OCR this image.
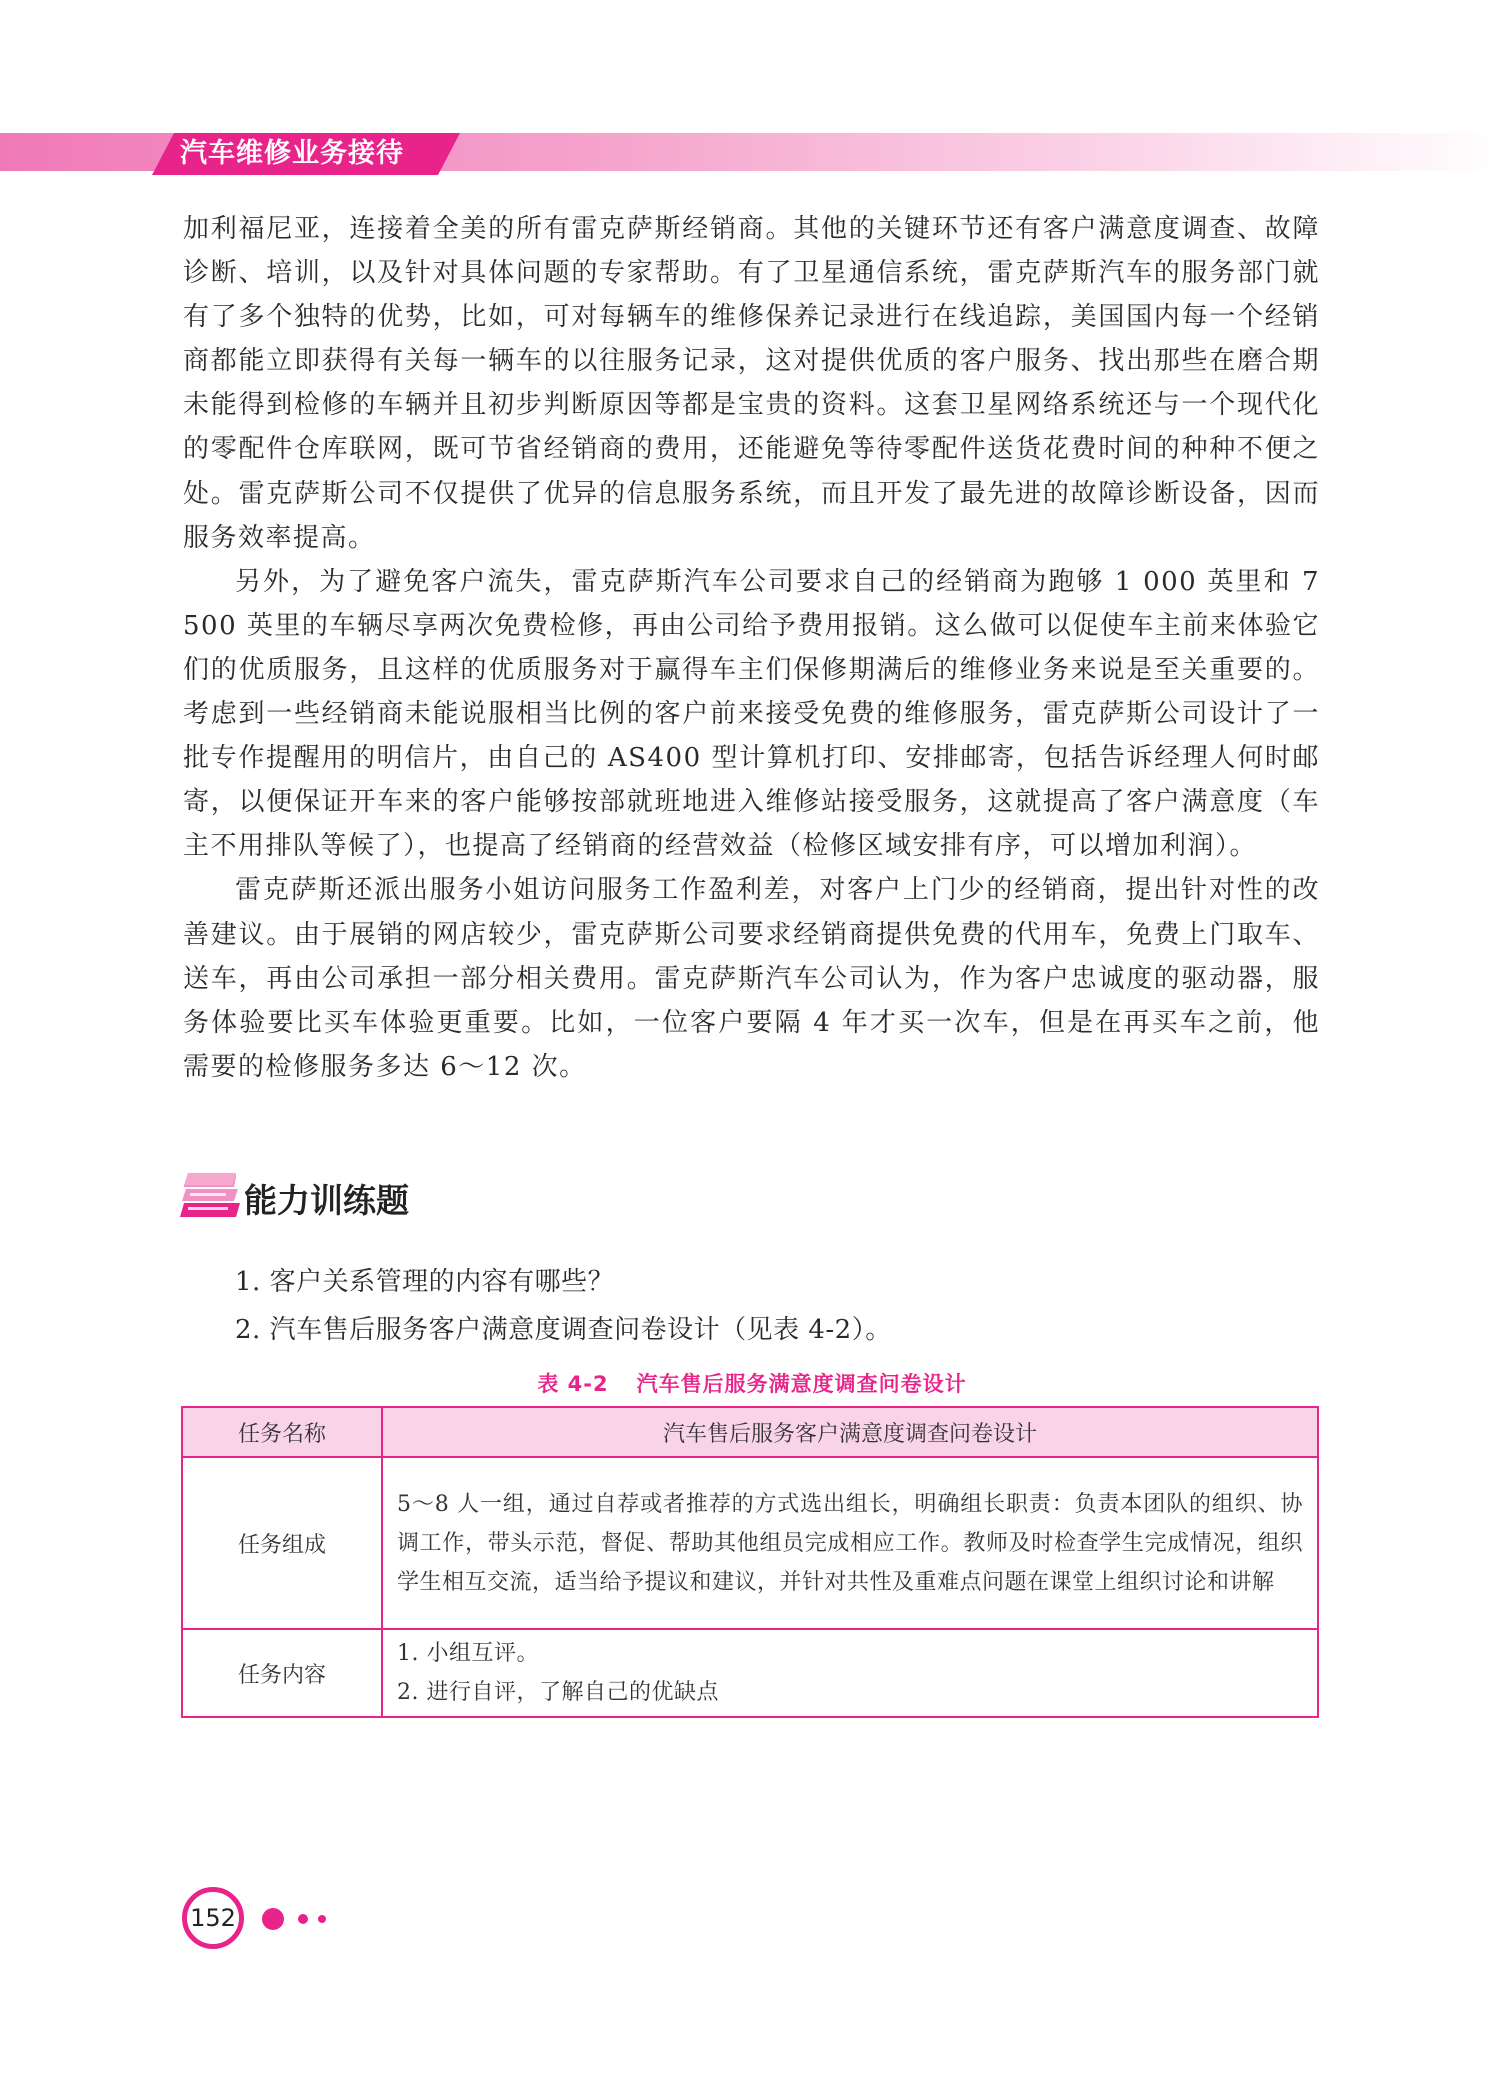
汽车维修业务接待

加利福尼亚，连接着全美的所有雷克萨斯经销商。其他的关键环节还有客户满意度调查、故障诊断、培训，以及针对具体问题的专家帮助。有了卫星通信系统，雷克萨斯汽车的服务部门就有了多个独特的优势，比如，可对每辆车的维修保养记录进行在线追踪，美国国内每一个经销商都能立即获得有关每一辆车的以往服务记录，这对提供优质的客户服务、找出那些在磨合期未能得到检修的车辆并且初步判断原因等都是宝贵的资料。这套卫星网络系统还与一个现代化的零配件仓库联网，既可节省经销商的费用，还能避免等待零配件送货花费时间的种种不便之处。雷克萨斯公司不仅提供了优异的信息服务系统，而且开发了最先进的故障诊断设备，因而服务效率提高。

另外，为了避免客户流失，雷克萨斯汽车公司要求自己的经销商为跑够 1 000 英里和 7 500 英里的车辆尽享两次免费检修，再由公司给予费用报销。这么做可以促使车主前来体验它们的优质服务，且这样的优质服务对于赢得车主们保修期满后的维修业务来说是至关重要的。考虑到一些经销商未能说服相当比例的客户前来接受免费的维修服务，雷克萨斯公司设计了一批专作提醒用的明信片，由自己的 AS400 型计算机打印、安排邮寄，包括告诉经理人何时邮寄，以便保证开车来的客户能够按部就班地进入维修站接受服务，这就提高了客户满意度（车主不用排队等候了），也提高了经销商的经营效益（检修区域安排有序，可以增加利润）。

雷克萨斯还派出服务小姐访问服务工作盈利差，对客户上门少的经销商，提出针对性的改善建议。由于展销的网店较少，雷克萨斯公司要求经销商提供免费的代用车，免费上门取车、送车，再由公司承担一部分相关费用。雷克萨斯汽车公司认为，作为客户忠诚度的驱动器，服务体验要比买车体验更重要。比如，一位客户要隔 4 年才买一次车，但是在再买车之前，他需要的检修服务多达 6～12 次。

能力训练题
1. 客户关系管理的内容有哪些？
2. 汽车售后服务客户满意度调查问卷设计（见表 4-2）。
表 4-2 汽车售后服务满意度调查问卷设计
任务名称	汽车售后服务客户满意度调查问卷设计
任务组成	5～8 人一组，通过自荐或者推荐的方式选出组长，明确组长职责：负责本团队的组织、协调工作，带头示范，督促、帮助其他组员完成相应工作。教师及时检查学生完成情况，组织学生相互交流，适当给予提议和建议，并针对共性及重难点问题在课堂上组织讨论和讲解

任务内容	1. 小组互评。
2. 进行自评，了解自己的优缺点
152
